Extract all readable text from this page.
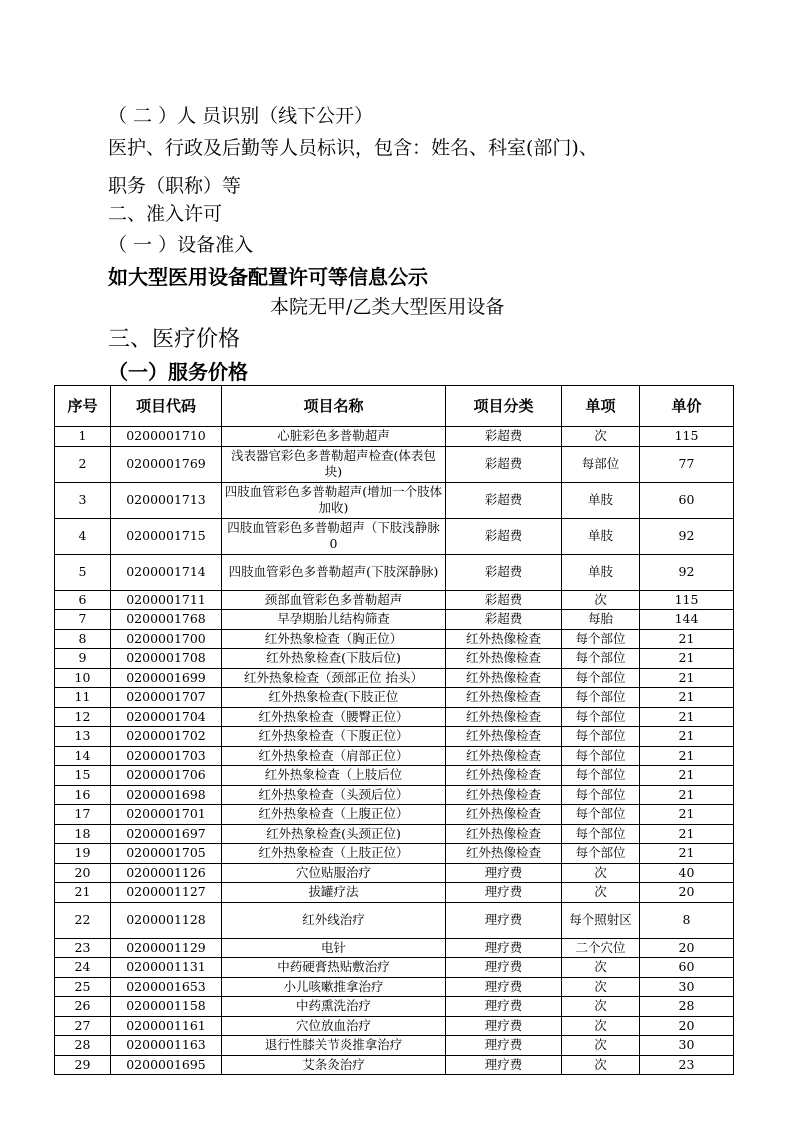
（ 二 ）人 员识别（线下公开）
医护、行政及后勤等人员标识，包含：姓名、科室(部门)、
职务（职称）等
二、准入许可
（ 一 ）设备准入
如大型医用设备配置许可等信息公示
本院无甲/乙类大型医用设备
三、医疗价格
（一）服务价格
序号	项目代码	项目名称	项目分类	单项	单价
1	0200001710	心脏彩色多普勒超声	彩超费	次	115
2	0200001769	浅表器官彩色多普勒超声检查(体表包块)	彩超费	每部位	77
3	0200001713	四肢血管彩色多普勒超声(增加一个肢体加收)	彩超费	单肢	60
4	0200001715	四肢血管彩色多普勒超声（下肢浅静脉 0	彩超费	单肢	92
5	0200001714	四肢血管彩色多普勒超声(下肢深静脉)	彩超费	单肢	92
6	0200001711	颈部血管彩色多普勒超声	彩超费	次	115
7	0200001768	早孕期胎儿结构筛查	彩超费	每胎	144
8	0200001700	红外热象检查（胸正位）	红外热像检查	每个部位	21
9	0200001708	红外热象检查(下肢后位)	红外热像检查	每个部位	21
10	0200001699	红外热象检查（颈部正位 抬头）	红外热像检查	每个部位	21
11	0200001707	红外热象检查(下肢正位	红外热像检查	每个部位	21
12	0200001704	红外热象检查（腰臀正位）	红外热像检查	每个部位	21
13	0200001702	红外热象检查（下腹正位）	红外热像检查	每个部位	21
14	0200001703	红外热象检查（肩部正位）	红外热像检查	每个部位	21
15	0200001706	红外热象检查（上肢后位	红外热像检查	每个部位	21
16	0200001698	红外热象检查（头颈后位）	红外热像检查	每个部位	21
17	0200001701	红外热象检查（上腹正位）	红外热像检查	每个部位	21
18	0200001697	红外热象检查(头颈正位)	红外热像检查	每个部位	21
19	0200001705	红外热象检查（上肢正位）	红外热像检查	每个部位	21
20	0200001126	穴位贴服治疗	理疗费	次	40
21	0200001127	拔罐疗法	理疗费	次	20
22	0200001128	红外线治疗	理疗费	每个照射区	8
23	0200001129	电针	理疗费	二个穴位	20
24	0200001131	中药硬膏热贴敷治疗	理疗费	次	60
25	0200001653	小儿咳嗽推拿治疗	理疗费	次	30
26	0200001158	中药熏洗治疗	理疗费	次	28
27	0200001161	穴位放血治疗	理疗费	次	20
28	0200001163	退行性膝关节炎推拿治疗	理疗费	次	30
29	0200001695	艾条灸治疗	理疗费	次	23
